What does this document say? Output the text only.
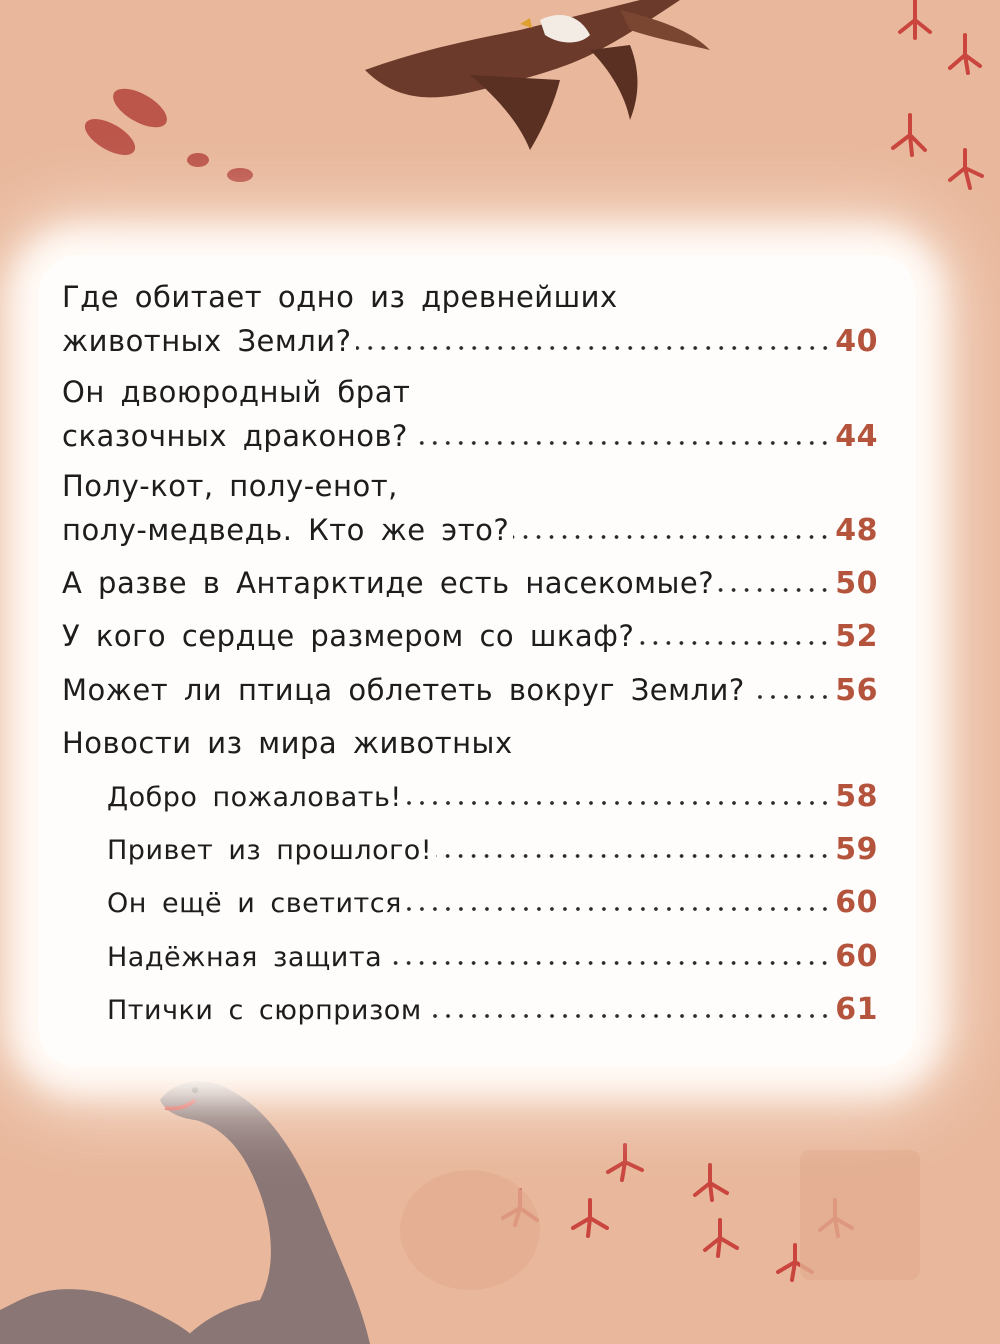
Где обитает одно из древнейших
животных Земли?	40
Он двоюродный брат
сказочных драконов?	44
Полу-кот, полу-енот,
полу-медведь. Кто же это?	48
А разве в Антарктиде есть насекомые?	50
У кого сердце размером со шкаф?	52
Может ли птица облететь вокруг Земли?	56
Новости из мира животных
Добро пожаловать!	58
Привет из прошлого!	59
Он ещё и светится	60
Надёжная защита	60
Птички с сюрпризом	61
